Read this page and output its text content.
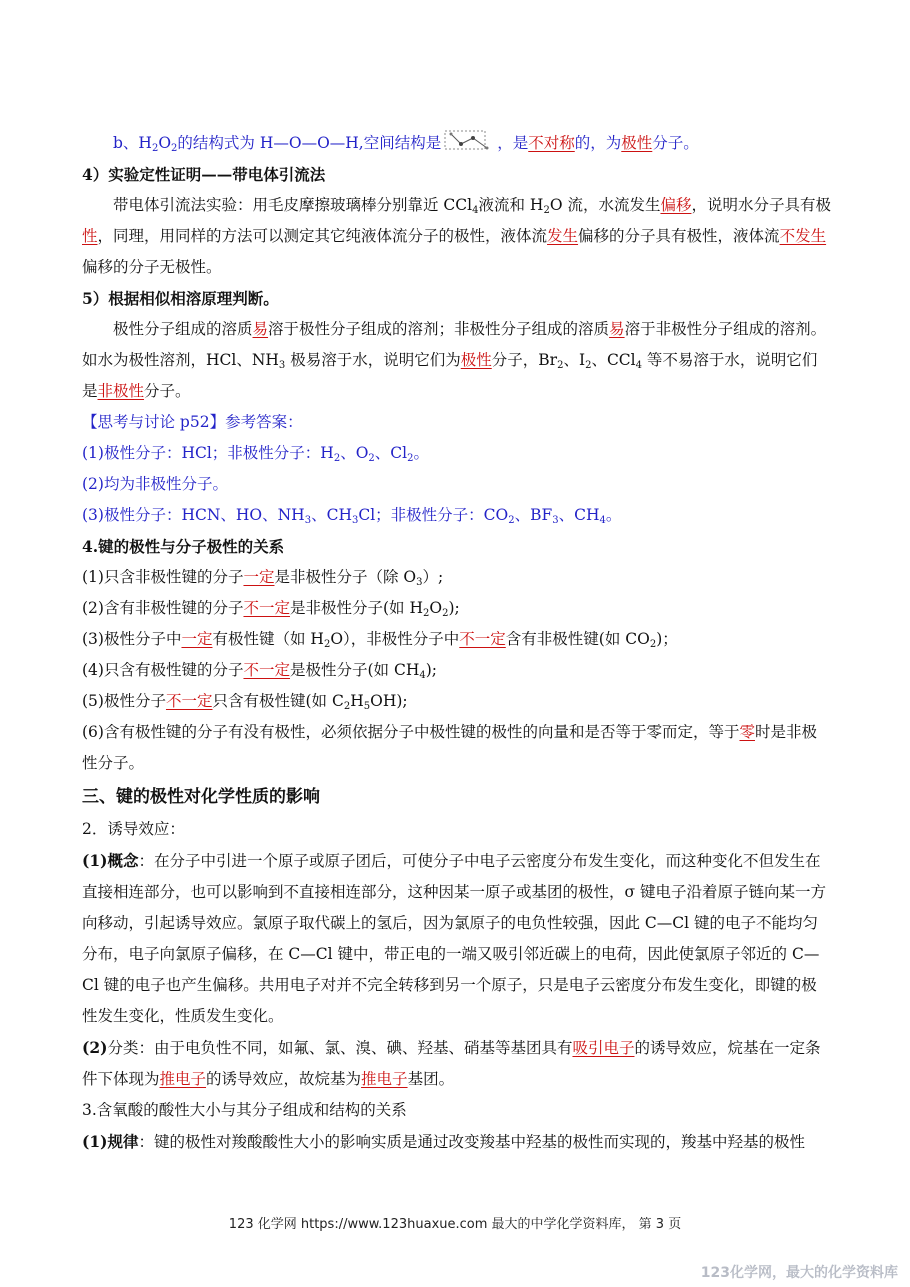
b、$H_2O_2$的结构式为 H—O—O—H,空间结构是	，是不对称的，为极性分子。

4）实验定性证明——带电体引流法

带电体引流法实验：用毛皮摩擦玻璃棒分别靠近 CCl$_4$液流和 $H_2O$ 流，水流发生偏移，说明水分子具有极性，同理，用同样的方法可以测定其它纯液体流分子的极性，液体流发生偏移的分子具有极性，液体流不发生偏移的分子无极性。

5）根据相似相溶原理判断。

极性分子组成的溶质易溶于极性分子组成的溶剂；非极性分子组成的溶质易溶于非极性分子组成的溶剂。如水为极性溶剂，HCl、$NH_3$ 极易溶于水，说明它们为极性分子，$Br_2$、$I_2$、CCl$_4$ 等不易溶于水，说明它们是非极性分子。

【思考与讨论 p52】参考答案：

(1)极性分子：HCl；非极性分子：$H_2$、$O_2$、$Cl_2$。

(2)均为非极性分子。

(3)极性分子：HCN、HO、$NH_3$、$CH_3Cl$；非极性分子：$CO_2$、$BF_3$、$CH_4$。

4.键的极性与分子极性的关系

(1)只含非极性键的分子一定是非极性分子（除 $O_3$）;

(2)含有非极性键的分子不一定是非极性分子(如 $H_2O_2$);

(3)极性分子中一定有极性键（如 $H_2O$），非极性分子中不一定含有非极性键(如 $CO_2$)；

(4)只含有极性键的分子不一定是极性分子(如 $CH_4$);

(5)极性分子不一定只含有极性键(如 $C_2H_5OH$);

(6)含有极性键的分子有没有极性，必须依据分子中极性键的极性的向量和是否等于零而定，等于零时是非极性分子。

三、键的极性对化学性质的影响

2．诱导效应：

(1)概念：在分子中引进一个原子或原子团后，可使分子中电子云密度分布发生变化，而这种变化不但发生在直接相连部分，也可以影响到不直接相连部分，这种因某一原子或基团的极性，σ 键电子沿着原子链向某一方向移动，引起诱导效应。氯原子取代碳上的氢后，因为氯原子的电负性较强，因此 C—Cl 键的电子不能均匀分布，电子向氯原子偏移，在 C—Cl 键中，带正电的一端又吸引邻近碳上的电荷，因此使氯原子邻近的 C—Cl 键的电子也产生偏移。共用电子对并不完全转移到另一个原子，只是电子云密度分布发生变化，即键的极性发生变化，性质发生变化。

(2)分类：由于电负性不同，如氟、氯、溴、碘、羟基、硝基等基团具有吸引电子的诱导效应，烷基在一定条件下体现为推电子的诱导效应，故烷基为推电子基团。

3.含氧酸的酸性大小与其分子组成和结构的关系

(1)规律：键的极性对羧酸酸性大小的影响实质是通过改变羧基中羟基的极性而实现的，羧基中羟基的极性

123 化学网 https://www.123huaxue.com 最大的中学化学资料库， 第 3 页
123化学网，最大的化学资料库
